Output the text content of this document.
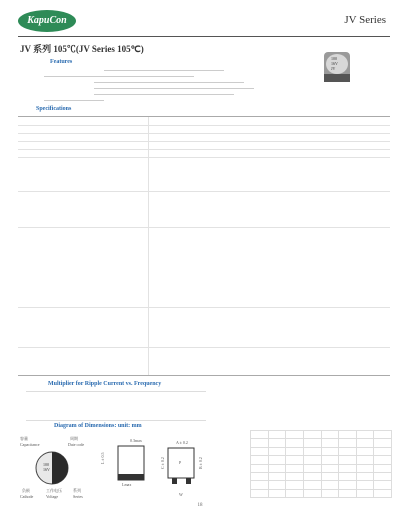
KapuCon	JV Series
JV 系列 105℃(JV Series 105℃)
100
16V
JV
Features
Specifications
Multiplier for Ripple Current vs. Frequency
Diagram of Dimensions: unit: mm
容量
Capacitance
周期
Date code
100
16V
负极
Cathode
工作电压
Voltage
系列
Series
Lmax
L ± 0.5
0.3max	A ± 0.2
C ± 0.2	B ± 0.2
P
W

18
